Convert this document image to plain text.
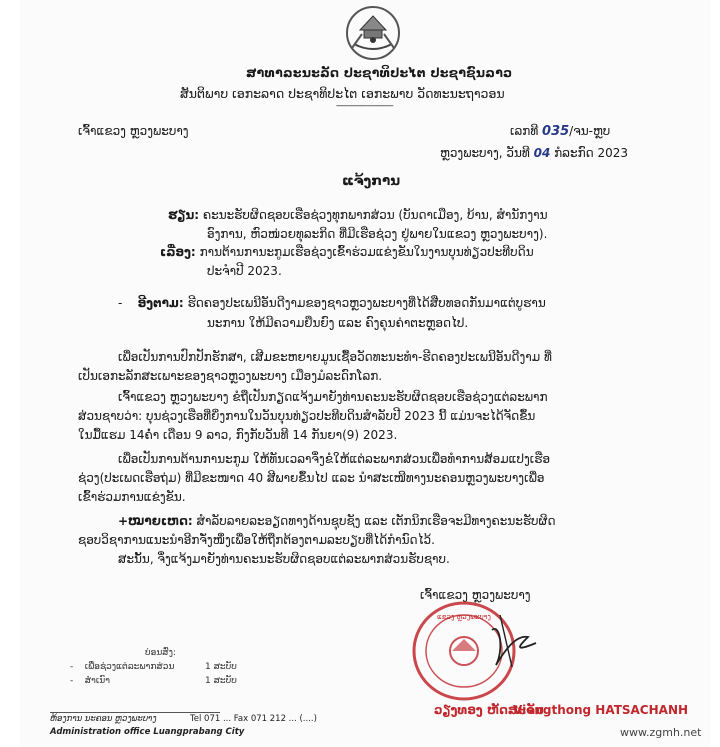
ສາທາລະນະລັດ ປະຊາທິປະໄຕ ປະຊາຊົນລາວ
ສັນຕິພາບ ເອກະລາດ ປະຊາທິປະໄຕ ເອກະພາບ ວັດທະນະຖາວອນ
------------------------------
ເຈົ້າແຂວງ ຫຼວງພະບາງ	ເລກທີ 035/ຈນ-ຫຼບ
ຫຼວງພະບາງ, ວັນທີ 04 ກໍລະກົດ 2023
ແຈ້ງການ
ຮຽນ: ຄະນະຮັບຜິດຊອບເຮືອຊ່ວງທຸກພາກສ່ວນ (ບັນດາເມືອງ, ບ້ານ, ສໍານັກງານ
ອົງການ, ຫົວໜ່ວຍທຸລະກິດ ທີ່ມີເຮືອຊ່ວງ ຢູ່ພາຍໃນແຂວງ ຫຼວງພະບາງ).
ເລື່ອງ: ການຕ້ານການະກູມເຮືອຊ່ວງເຂົ້າຮ່ວມແຂ່ງຂັນໃນງານບຸນທ່ຽວປະທີບດິນ
ປະຈໍາປີ 2023.
- ອີງຕາມ: ຮີດຄອງປະເພນີອັນດີງາມຂອງຊາວຫຼວງພະບາງທີ່ໄດ້ສືບທອດກັນມາແຕ່ບູຮານ
ນະການ ໃຫ້ມີຄວາມຍືນຍົງ ແລະ ຄົງຄຸນຄ່າຕະຫຼອດໄປ.
ເພື່ອເປັນການປົກປັກຮັກສາ, ເສີມຂະຫຍາຍມູນເຊື້ອວັດທະນະທໍາ-ຮີດຄອງປະເພນີອັນດີງາມ ທີ່
ເປັນເອກະລັກສະເພາະຂອງຊາວຫຼວງພະບາງ ເມືອງມໍລະດົກໂລກ.
ເຈົ້າແຂວງ ຫຼວງພະບາງ ຂໍຖືເປັນກຽດແຈ້ງມາຍັງທ່ານຄະນະຮັບຜິດຊອບເຮືອຊ່ວງແຕ່ລະພາກ
ສ່ວນຊາບວ່າ: ບຸນຊ່ວງເຮືອທີ່ຍິ່ງການໃນວັນບຸນທ່ຽວປະທີບດິນສໍາລັບປີ 2023 ນີ້ ແມ່ນຈະໄດ້ຈັດຂຶ້ນ
ໃນມື້ແຮມ 14ຄໍ່າ ເດືອນ 9 ລາວ, ກົງກັບວັນທີ 14 ກັນຍາ(9) 2023.
ເພື່ອເປັນການຕ້ານການະກູມ ໃຫ້ທັນເວລາຈຶ່ງຂໍໃຫ້ແຕ່ລະພາກສ່ວນເພື່ອທໍາການສ້ອມແປງເຮືອ
ຊ່ວງ(ປະເພດເຮືອຖ່ມ) ທີ່ມີຂະໜາດ 40 ສີພາຍຂຶ້ນໄປ ແລະ ນໍາສະເໜີທາງນະຄອນຫຼວງພະບາງເພື່ອ
ເຂົ້າຮ່ວມການແຂ່ງຂັນ.
+ໝາຍເຫດ: ສໍາລັບລາຍລະອຽດທາງດ້ານຊຸບຊັງ ແລະ ເຕັກນິກເຮືອຈະມີທາງຄະນະຮັບຜິດ
ຊອບວິຊາການແນະນໍາອີກຈັ່ງໜຶ່ງເພື່ອໃຫ້ຖືກຕ້ອງຕາມລະບຽບທີ່ໄດ້ກໍານົດໄວ້.
ສະນັ້ນ, ຈຶ່ງແຈ້ງມາຍັງທ່ານຄະນະຮັບຜິດຊອບແຕ່ລະພາກສ່ວນຮັບຊາບ.
ເຈົ້າແຂວງ ຫຼວງພະບາງ
ແຂວງ ຫຼວງພະບາງ
ວຽງທອງ ຫັດສະຈັນ
Viengthong HATSACHANH
ບ່ອນສົ່ງ:
- ເພື່ອຊ່ວງແຕ່ລະພາກສ່ວນ	1 ສະບັບ
- ສໍາເນົາ	1 ສະບັບ
ຫ້ອງການ ນະຄອນ ຫຼວງພະບາງ	Tel 071 ... Fax 071 212 ... (....)
Administration office Luangprabang City	www.zgmh.net
